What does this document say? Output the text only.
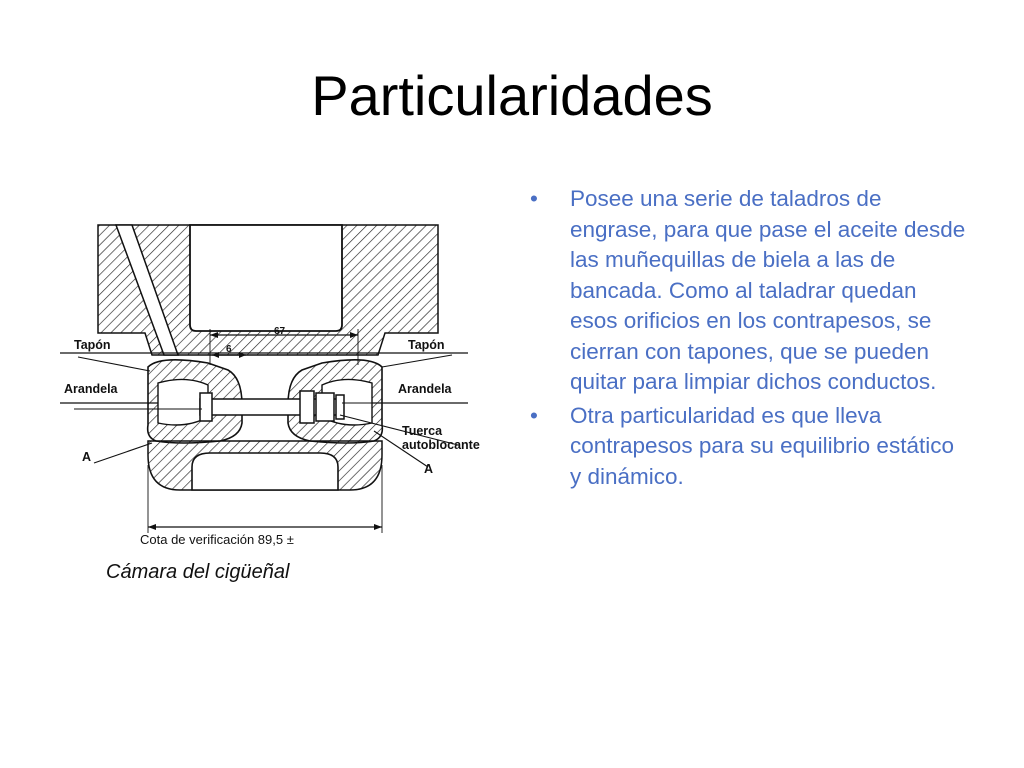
Particularidades
Tapón	Tapón
Arandela	Arandela
Tuerca
autoblocante
A
A
67
6
Cota de verificación 89,5 ±
Cámara del cigüeñal
• Posee una serie de taladros de engrase, para que pase el aceite desde las muñequillas de biela a las de bancada. Como al taladrar quedan esos orificios en los contrapesos, se cierran con tapones, que se pueden quitar para limpiar dichos conductos.
• Otra particularidad es que lleva contrapesos para su equilibrio estático y dinámico.
